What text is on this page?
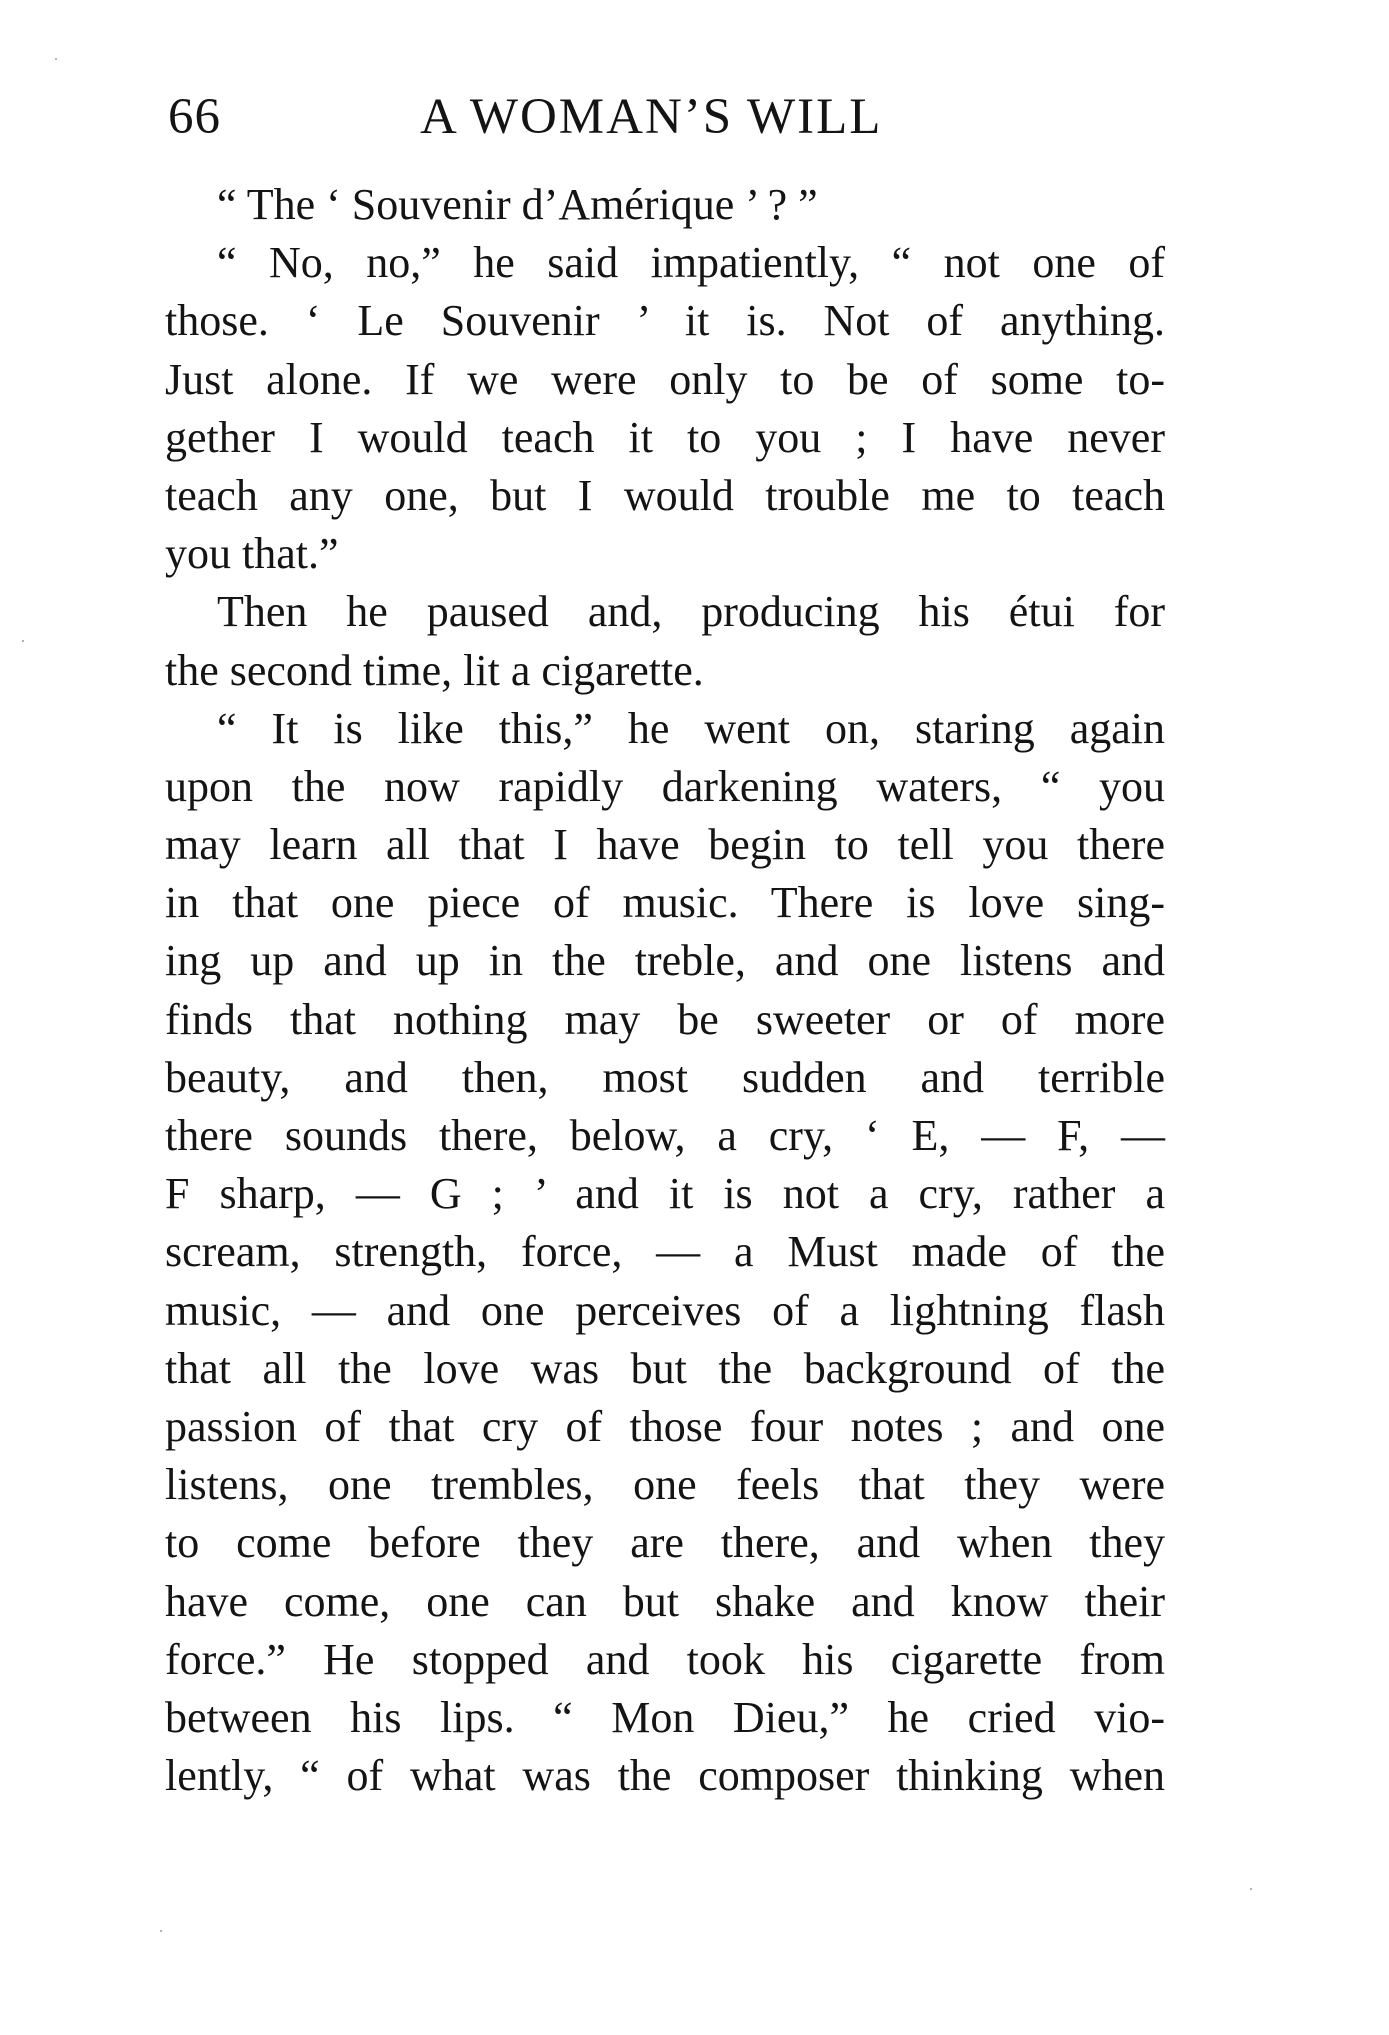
66	A WOMAN’S WILL
“ The ‘ Souvenir d’Amérique ’ ? ”
“ No, no,” he said impatiently, “ not one of
those. ‘ Le Souvenir ’ it is. Not of anything.
Just alone. If we were only to be of some to-
gether I would teach it to you ; I have never
teach any one, but I would trouble me to teach
you that.”
Then he paused and, producing his étui for
the second time, lit a cigarette.
“ It is like this,” he went on, staring again
upon the now rapidly darkening waters, “ you
may learn all that I have begin to tell you there
in that one piece of music. There is love sing-
ing up and up in the treble, and one listens and
finds that nothing may be sweeter or of more
beauty, and then, most sudden and terrible
there sounds there, below, a cry, ‘ E, — F, —
F sharp, — G ; ’ and it is not a cry, rather a
scream, strength, force, — a Must made of the
music, — and one perceives of a lightning flash
that all the love was but the background of the
passion of that cry of those four notes ; and one
listens, one trembles, one feels that they were
to come before they are there, and when they
have come, one can but shake and know their
force.” He stopped and took his cigarette from
between his lips. “ Mon Dieu,” he cried vio-
lently, “ of what was the composer thinking when
